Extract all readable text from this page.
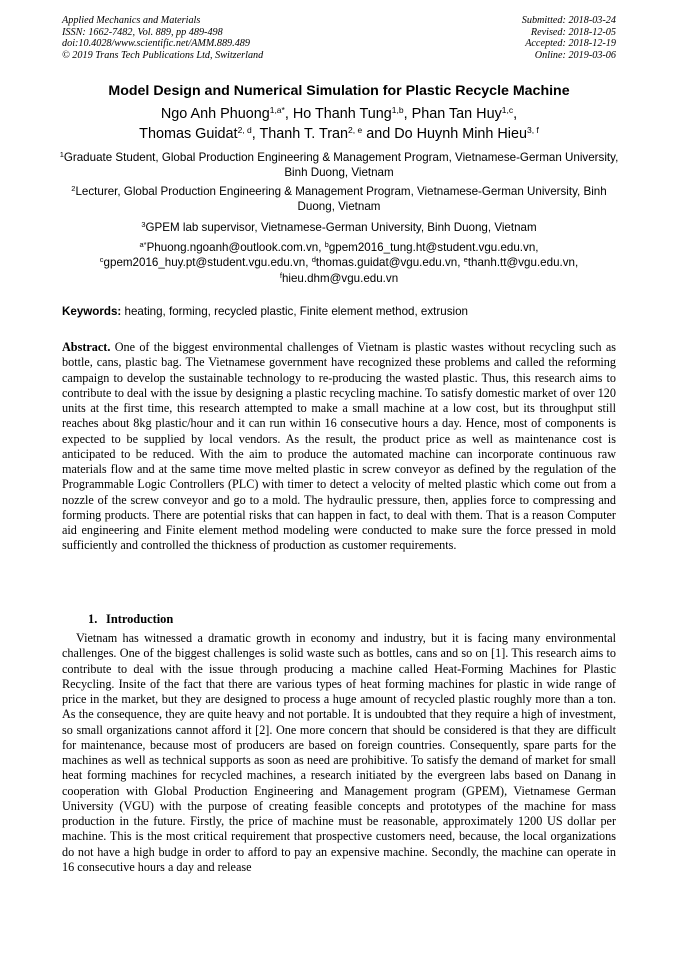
Applied Mechanics and Materials
ISSN: 1662-7482, Vol. 889, pp 489-498
doi:10.4028/www.scientific.net/AMM.889.489
© 2019 Trans Tech Publications Ltd, Switzerland
Submitted: 2018-03-24
Revised: 2018-12-05
Accepted: 2018-12-19
Online: 2019-03-06
Model Design and Numerical Simulation for Plastic Recycle Machine
Ngo Anh Phuong$^{1,a*}$, Ho Thanh Tung$^{1,b}$, Phan Tan Huy$^{1,c}$,
Thomas Guidat$^{2, d}$, Thanh T. Tran$^{2, e}$ and Do Huynh Minh Hieu$^{3, f}$
$^1$Graduate Student, Global Production Engineering & Management Program, Vietnamese-German University, Binh Duong, Vietnam
$^2$Lecturer, Global Production Engineering & Management Program, Vietnamese-German University, Binh Duong, Vietnam
$^3$GPEM lab supervisor, Vietnamese-German University, Binh Duong, Vietnam
$^{a*}$Phuong.ngoanh@outlook.com.vn, $^b$gpem2016_tung.ht@student.vgu.edu.vn,
$^c$gpem2016_huy.pt@student.vgu.edu.vn, $^d$thomas.guidat@vgu.edu.vn, $^e$thanh.tt@vgu.edu.vn,
$^f$hieu.dhm@vgu.edu.vn
Keywords: heating, forming, recycled plastic, Finite element method, extrusion
Abstract. One of the biggest environmental challenges of Vietnam is plastic wastes without recycling such as bottle, cans, plastic bag. The Vietnamese government have recognized these problems and called the reforming campaign to develop the sustainable technology to re-producing the wasted plastic. Thus, this research aims to contribute to deal with the issue by designing a plastic recycling machine. To satisfy domestic market of over 120 units at the first time, this research attempted to make a small machine at a low cost, but its throughput still reaches about 8kg plastic/hour and it can run within 16 consecutive hours a day. Hence, most of components is expected to be supplied by local vendors. As the result, the product price as well as maintenance cost is anticipated to be reduced. With the aim to produce the automated machine can incorporate continuous raw materials flow and at the same time move melted plastic in screw conveyor as defined by the regulation of the Programmable Logic Controllers (PLC) with timer to detect a velocity of melted plastic which come out from a nozzle of the screw conveyor and go to a mold. The hydraulic pressure, then, applies force to compressing and forming products. There are potential risks that can happen in fact, to deal with them. That is a reason Computer aid engineering and Finite element method modeling were conducted to make sure the force pressed in mold sufficiently and controlled the thickness of production as customer requirements.
1. Introduction
Vietnam has witnessed a dramatic growth in economy and industry, but it is facing many environmental challenges. One of the biggest challenges is solid waste such as bottles, cans and so on [1]. This research aims to contribute to deal with the issue through producing a machine called Heat-Forming Machines for Plastic Recycling. Insite of the fact that there are various types of heat forming machines for plastic in wide range of price in the market, but they are designed to process a huge amount of recycled plastic roughly more than a ton. As the consequence, they are quite heavy and not portable. It is undoubted that they require a high of investment, so small organizations cannot afford it [2]. One more concern that should be considered is that they are difficult for maintenance, because most of producers are based on foreign countries. Consequently, spare parts for the machines as well as technical supports as soon as need are prohibitive. To satisfy the demand of market for small heat forming machines for recycled machines, a research initiated by the evergreen labs based on Danang in cooperation with Global Production Engineering and Management program (GPEM), Vietnamese German University (VGU) with the purpose of creating feasible concepts and prototypes of the machine for mass production in the future. Firstly, the price of machine must be reasonable, approximately 1200 US dollar per machine. This is the most critical requirement that prospective customers need, because, the local organizations do not have a high budge in order to afford to pay an expensive machine. Secondly, the machine can operate in 16 consecutive hours a day and release
